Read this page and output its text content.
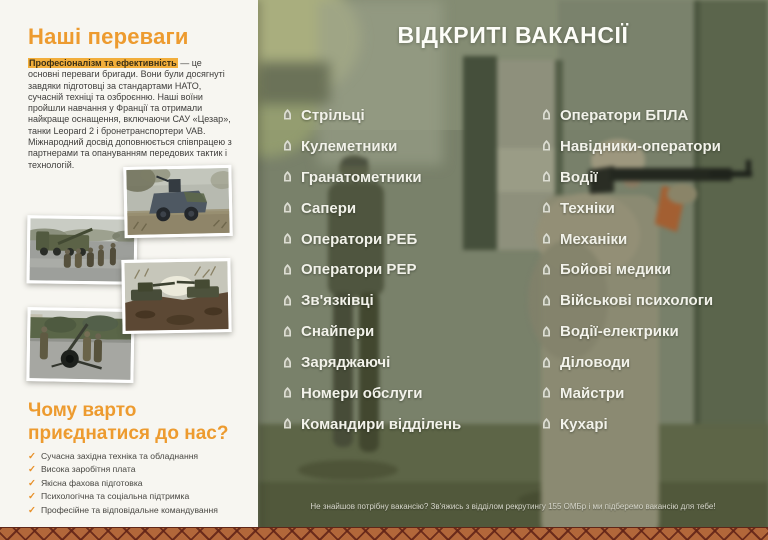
Наші переваги

Професіоналізм та ефективність — це основні переваги бригади. Вони були досягнуті завдяки підготовці за стандартами НАТО, сучасній техніці та озброєнню. Наші воїни пройшли навчання у Франції та отримали найкраще оснащення, включаючи САУ «Цезар», танки Leopard 2 і бронетранспортери VAB. Міжнародний досвід доповнюється співпрацею з партнерами та опануванням передових тактик і технологій.

Чому варто приєднатися до нас?
✓ Сучасна західна техніка та обладнання
✓ Висока заробітня плата
✓ Якісна фахова підготовка
✓ Психологічна та соціальна підтримка
✓ Професійне та відповідальне командування
ВІДКРИТІ ВАКАНСІЇ
Стрільці
Кулеметники
Гранатометники
Сапери
Оператори РЕБ
Оператори РЕР
Зв'язківці
Снайпери
Заряджаючі
Номери обслуги
Командири відділень
Оператори БПЛА
Навідники-оператори
Водії
Техніки
Механіки
Бойові медики
Військові психологи
Водії-електрики
Діловоди
Майстри
Кухарі

Не знайшов потрібну вакансію? Зв'яжись з відділом рекрутингу 155 ОМБр і ми підберемо вакансію для тебе!
